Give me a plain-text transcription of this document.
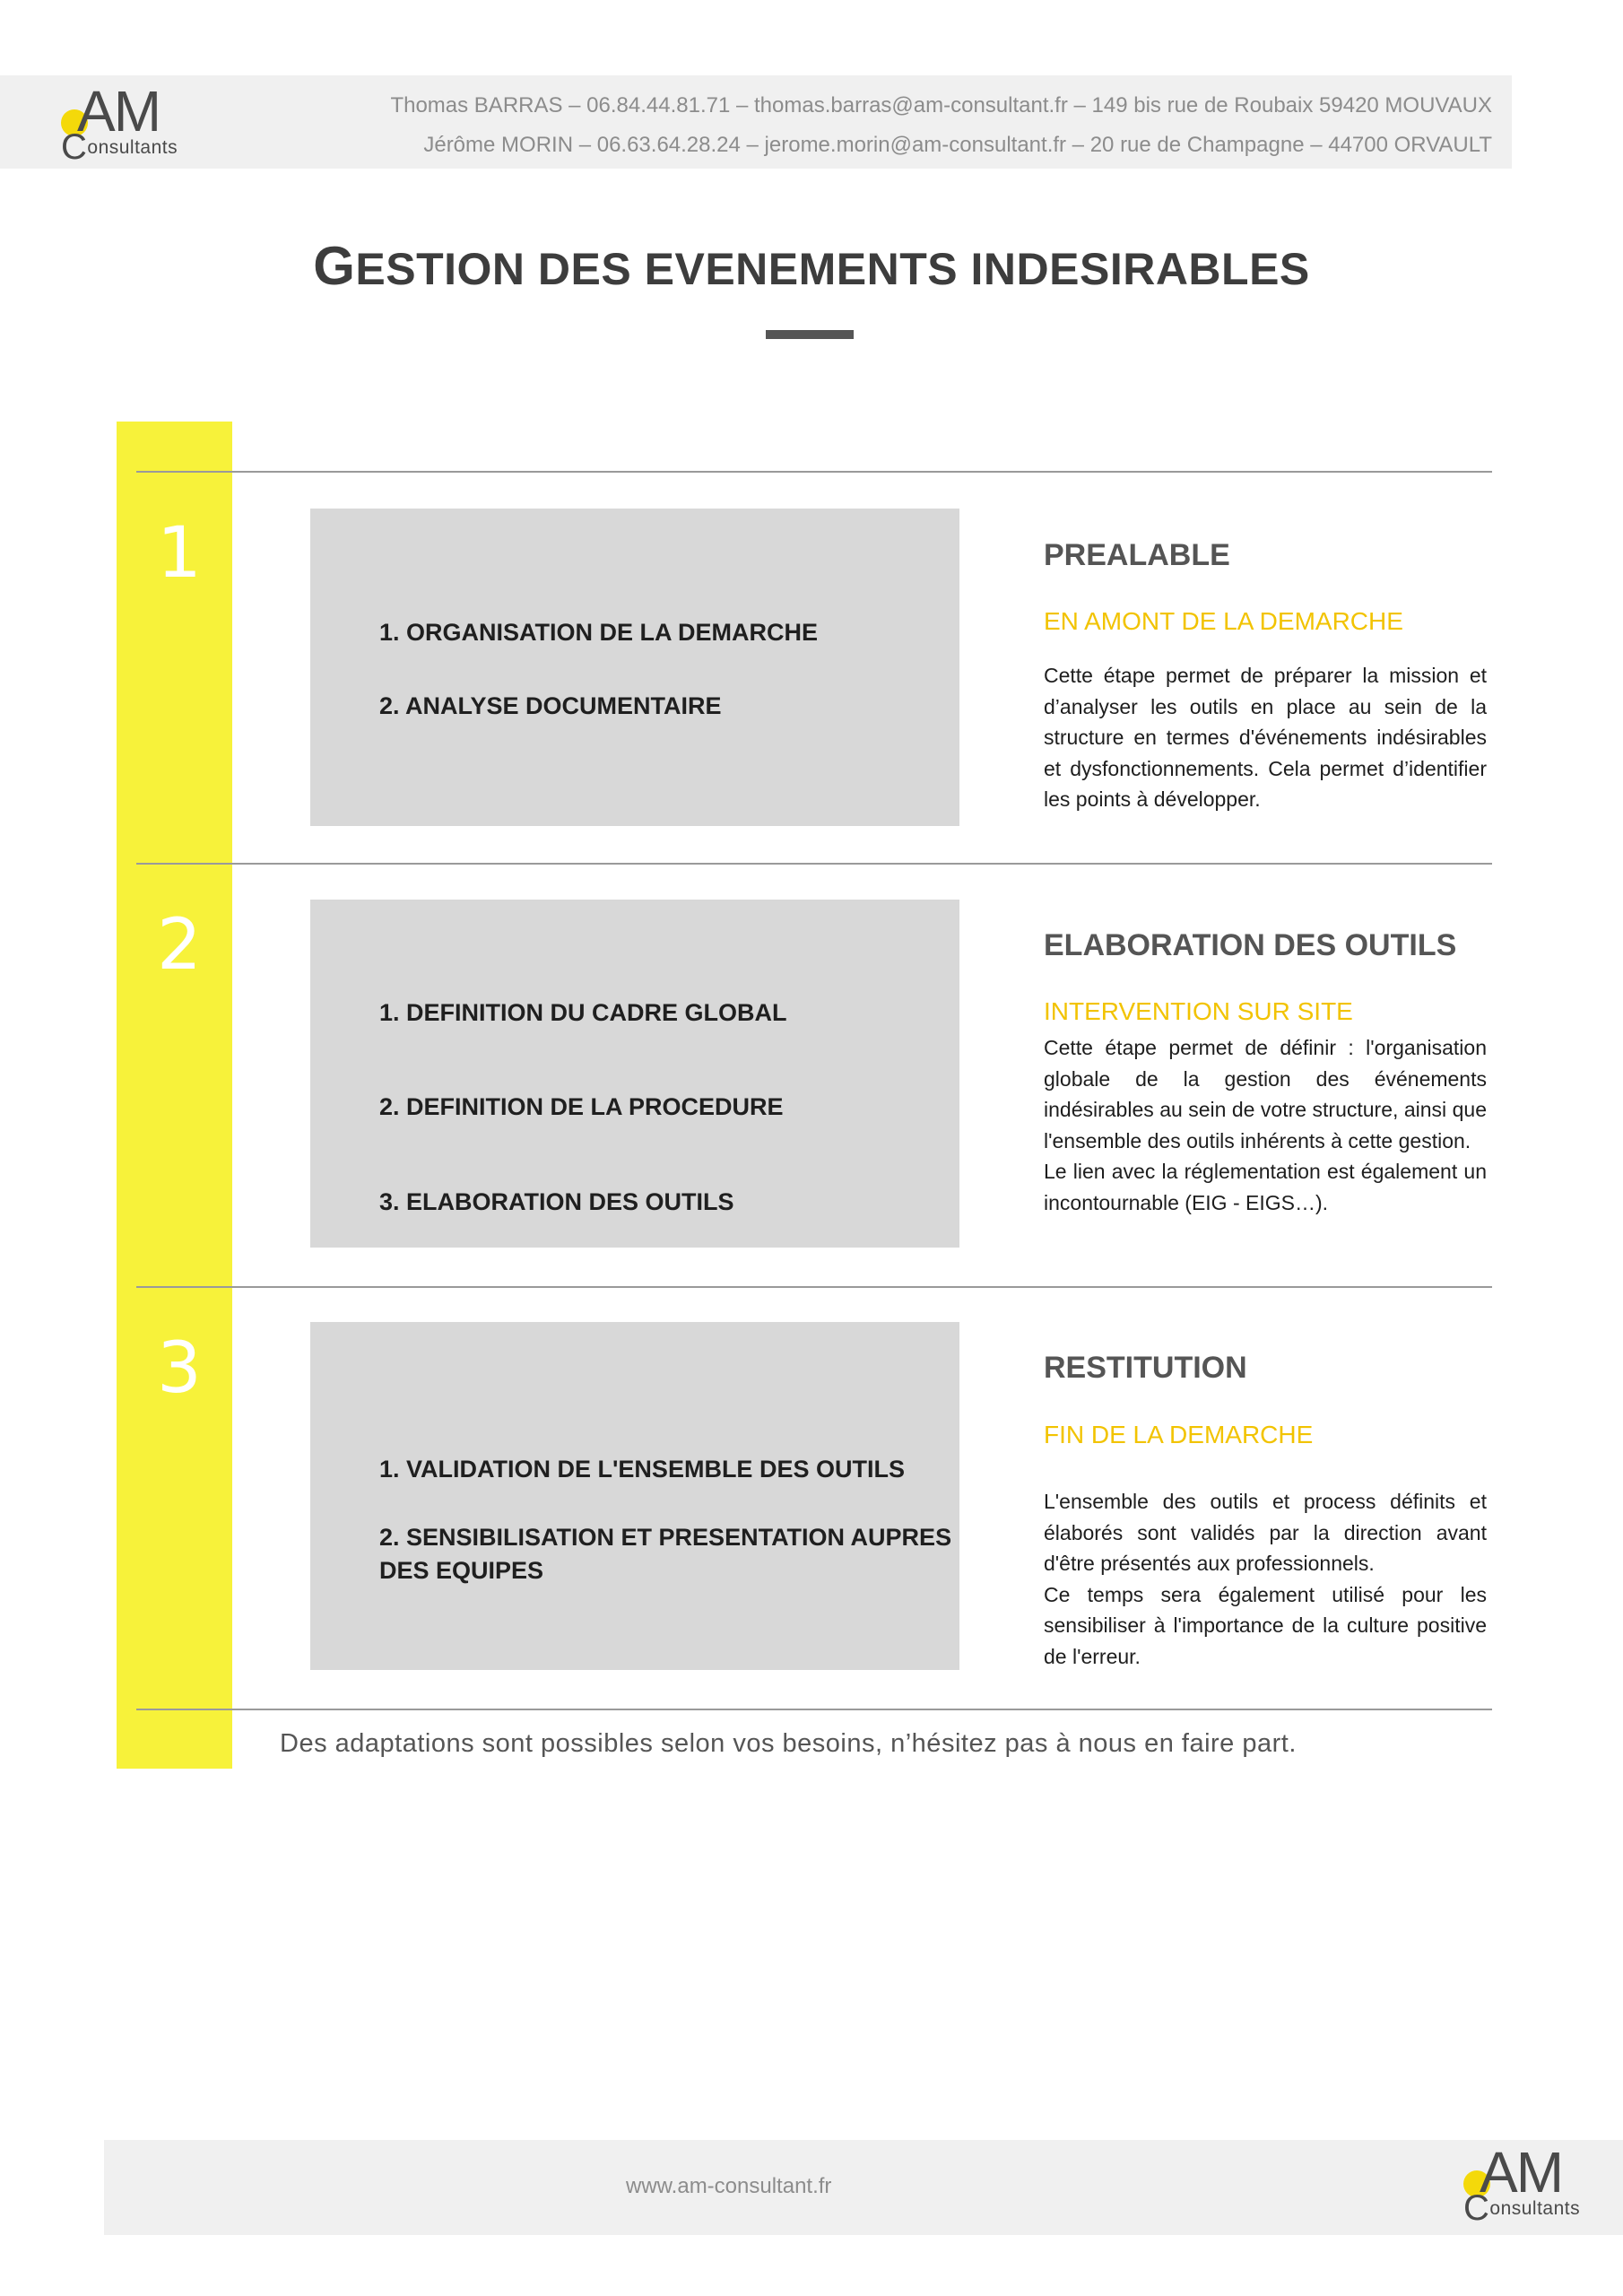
AM
Consultants
Thomas BARRAS – 06.84.44.81.71 – thomas.barras@am-consultant.fr – 149 bis rue de Roubaix 59420 MOUVAUX
Jérôme MORIN – 06.63.64.28.24 – jerome.morin@am-consultant.fr – 20 rue de Champagne – 44700 ORVAULT
GESTION DES EVENEMENTS INDESIRABLES
1
1. ORGANISATION DE LA DEMARCHE
2. ANALYSE DOCUMENTAIRE
PREALABLE
EN AMONT DE LA DEMARCHE
Cette étape permet de préparer la mission et d’analyser les outils en place au sein de la structure en termes d'événements indésirables et dysfonctionnements. Cela permet d’identifier les points à développer.
2
1. DEFINITION DU CADRE GLOBAL
2. DEFINITION DE LA PROCEDURE
3. ELABORATION DES OUTILS
ELABORATION DES OUTILS
INTERVENTION SUR SITE
Cette étape permet de définir : l'organisation globale de la gestion des événements indésirables au sein de votre structure, ainsi que l'ensemble des outils inhérents à cette gestion.
Le lien avec la réglementation est également un incontournable (EIG - EIGS…).
3
1. VALIDATION DE L'ENSEMBLE DES OUTILS
2. SENSIBILISATION ET PRESENTATION AUPRES DES EQUIPES
RESTITUTION
FIN DE LA DEMARCHE
L'ensemble des outils et process définits et élaborés sont validés par la direction avant d'être présentés aux professionnels.
Ce temps sera également utilisé pour les sensibiliser à l'importance de la culture positive de l'erreur.
Des adaptations sont possibles selon vos besoins, n’hésitez pas à nous en faire part.
www.am-consultant.fr	AM
Consultants
